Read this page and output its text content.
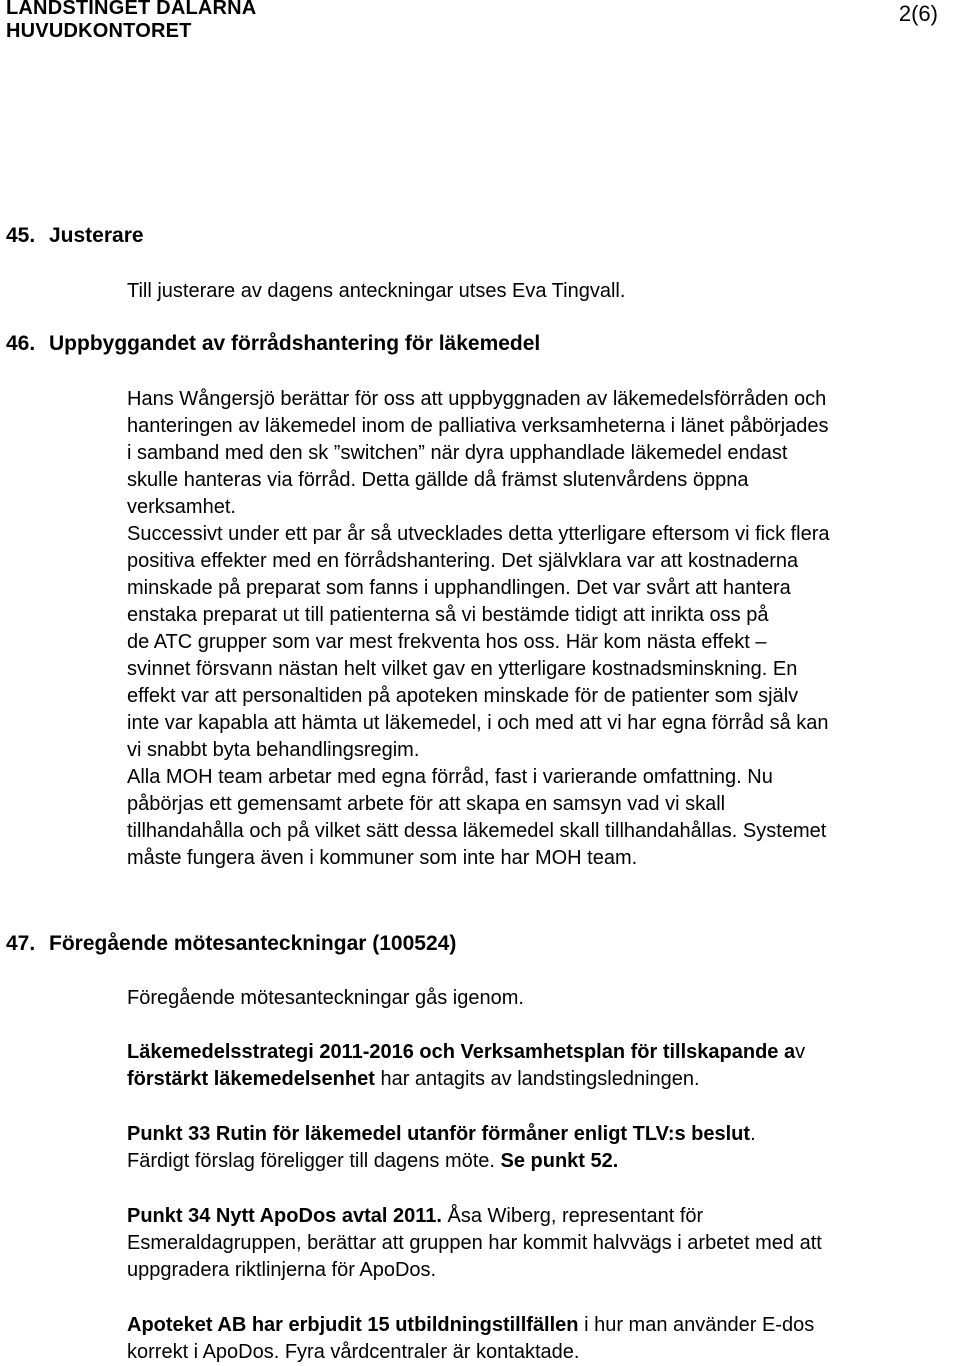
LANDSTINGET DALARNA
HUVUDKONTORET
2(6)
45. Justerare

Till justerare av dagens anteckningar utses Eva Tingvall.

46. Uppbyggandet av förrådshantering för läkemedel
Hans Wångersjö berättar för oss att uppbyggnaden av läkemedelsförråden och
hanteringen av läkemedel inom de palliativa verksamheterna i länet påbörjades
i samband med den sk ”switchen” när dyra upphandlade läkemedel endast
skulle hanteras via förråd. Detta gällde då främst slutenvårdens öppna
verksamhet.
Successivt under ett par år så utvecklades detta ytterligare eftersom vi fick flera
positiva effekter med en förrådshantering. Det självklara var att kostnaderna
minskade på preparat som fanns i upphandlingen. Det var svårt att hantera
enstaka preparat ut till patienterna så vi bestämde tidigt att inrikta oss på
de ATC grupper som var mest frekventa hos oss. Här kom nästa effekt –
svinnet försvann nästan helt vilket gav en ytterligare kostnadsminskning. En
effekt var att personaltiden på apoteken minskade för de patienter som själv
inte var kapabla att hämta ut läkemedel, i och med att vi har egna förråd så kan
vi snabbt byta behandlingsregim.
Alla MOH team arbetar med egna förråd, fast i varierande omfattning. Nu
påbörjas ett gemensamt arbete för att skapa en samsyn vad vi skall
tillhandahålla och på vilket sätt dessa läkemedel skall tillhandahållas. Systemet
måste fungera även i kommuner som inte har MOH team.
47. Föregående mötesanteckningar (100524)

Föregående mötesanteckningar gås igenom.

Läkemedelsstrategi 2011-2016 och Verksamhetsplan för tillskapande av
förstärkt läkemedelsenhet har antagits av landstingsledningen.
Punkt 33 Rutin för läkemedel utanför förmåner enligt TLV:s beslut.
Färdigt förslag föreligger till dagens möte. Se punkt 52.
Punkt 34 Nytt ApoDos avtal 2011. Åsa Wiberg, representant för
Esmeraldagruppen, berättar att gruppen har kommit halvvägs i arbetet med att
uppgradera riktlinjerna för ApoDos.
Apoteket AB har erbjudit 15 utbildningstillfällen i hur man använder E-dos
korrekt i ApoDos. Fyra vårdcentraler är kontaktade.
